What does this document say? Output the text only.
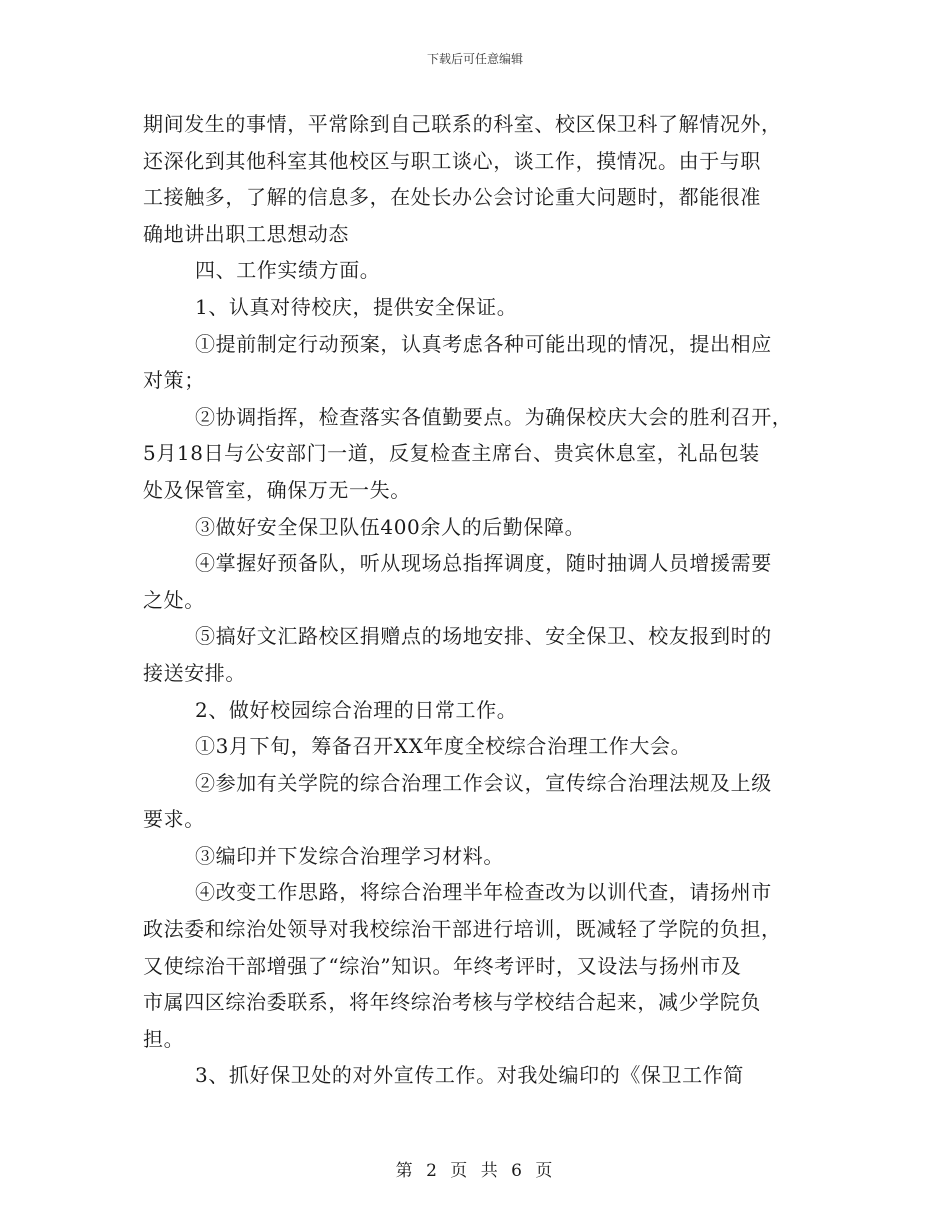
下载后可任意编辑
期间发生的事情，平常除到自己联系的科室、校区保卫科了解情况外，
还深化到其他科室其他校区与职工谈心，谈工作，摸情况。由于与职
工接触多，了解的信息多，在处长办公会讨论重大问题时，都能很准
确地讲出职工思想动态
四、工作实绩方面。
1、认真对待校庆，提供安全保证。
①提前制定行动预案，认真考虑各种可能出现的情况，提出相应
对策；
②协调指挥，检查落实各值勤要点。为确保校庆大会的胜利召开，
5月18日与公安部门一道，反复检查主席台、贵宾休息室，礼品包装
处及保管室，确保万无一失。
③做好安全保卫队伍400余人的后勤保障。
④掌握好预备队，听从现场总指挥调度，随时抽调人员增援需要
之处。
⑤搞好文汇路校区捐赠点的场地安排、安全保卫、校友报到时的
接送安排。
2、做好校园综合治理的日常工作。
①3月下旬，筹备召开XX年度全校综合治理工作大会。
②参加有关学院的综合治理工作会议，宣传综合治理法规及上级
要求。
③编印并下发综合治理学习材料。
④改变工作思路，将综合治理半年检查改为以训代查，请扬州市
政法委和综治处领导对我校综治干部进行培训，既减轻了学院的负担，
又使综治干部增强了“综治”知识。年终考评时，又设法与扬州市及
市属四区综治委联系，将年终综治考核与学校结合起来，减少学院负
担。
3、抓好保卫处的对外宣传工作。对我处编印的《保卫工作简
第 2 页 共 6 页
